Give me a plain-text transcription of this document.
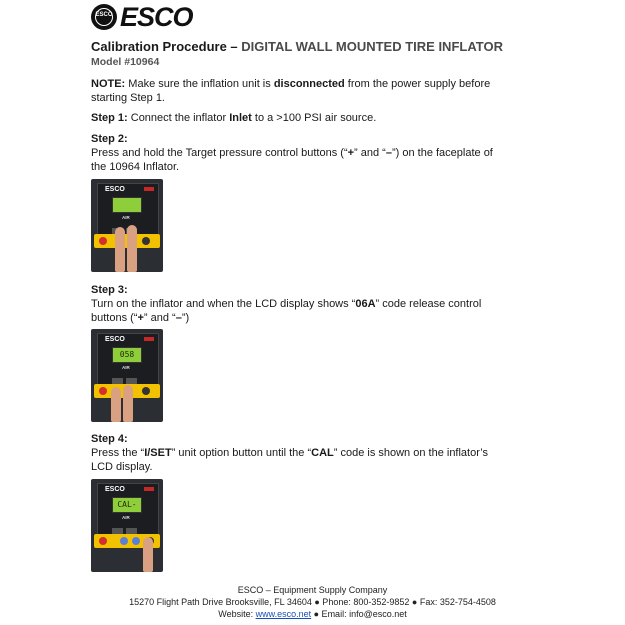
ESCO ESCO
Calibration Procedure – DIGITAL WALL MOUNTED TIRE INFLATOR
Model #10964
NOTE: Make sure the inflation unit is disconnected from the power supply before starting Step 1.
Step 1: Connect the inflator Inlet to a >100 PSI air source.
Step 2:
Press and hold the Target pressure control buttons (“+” and “–”) on the faceplate of the 10964 Inflator.
ESCO
AIR
Step 3:
Turn on the inflator and when the LCD display shows “06A” code release control buttons (“+” and “–”)
ESCO
058
AIR
Step 4:
Press the “I/SET” unit option button until the “CAL” code is shown on the inflator’s LCD display.
ESCO
CAL-
AIR
ESCO – Equipment Supply Company
15270 Flight Path Drive Brooksville, FL 34604 ● Phone: 800-352-9852 ● Fax: 352-754-4508
Website: www.esco.net ● Email: info@esco.net
